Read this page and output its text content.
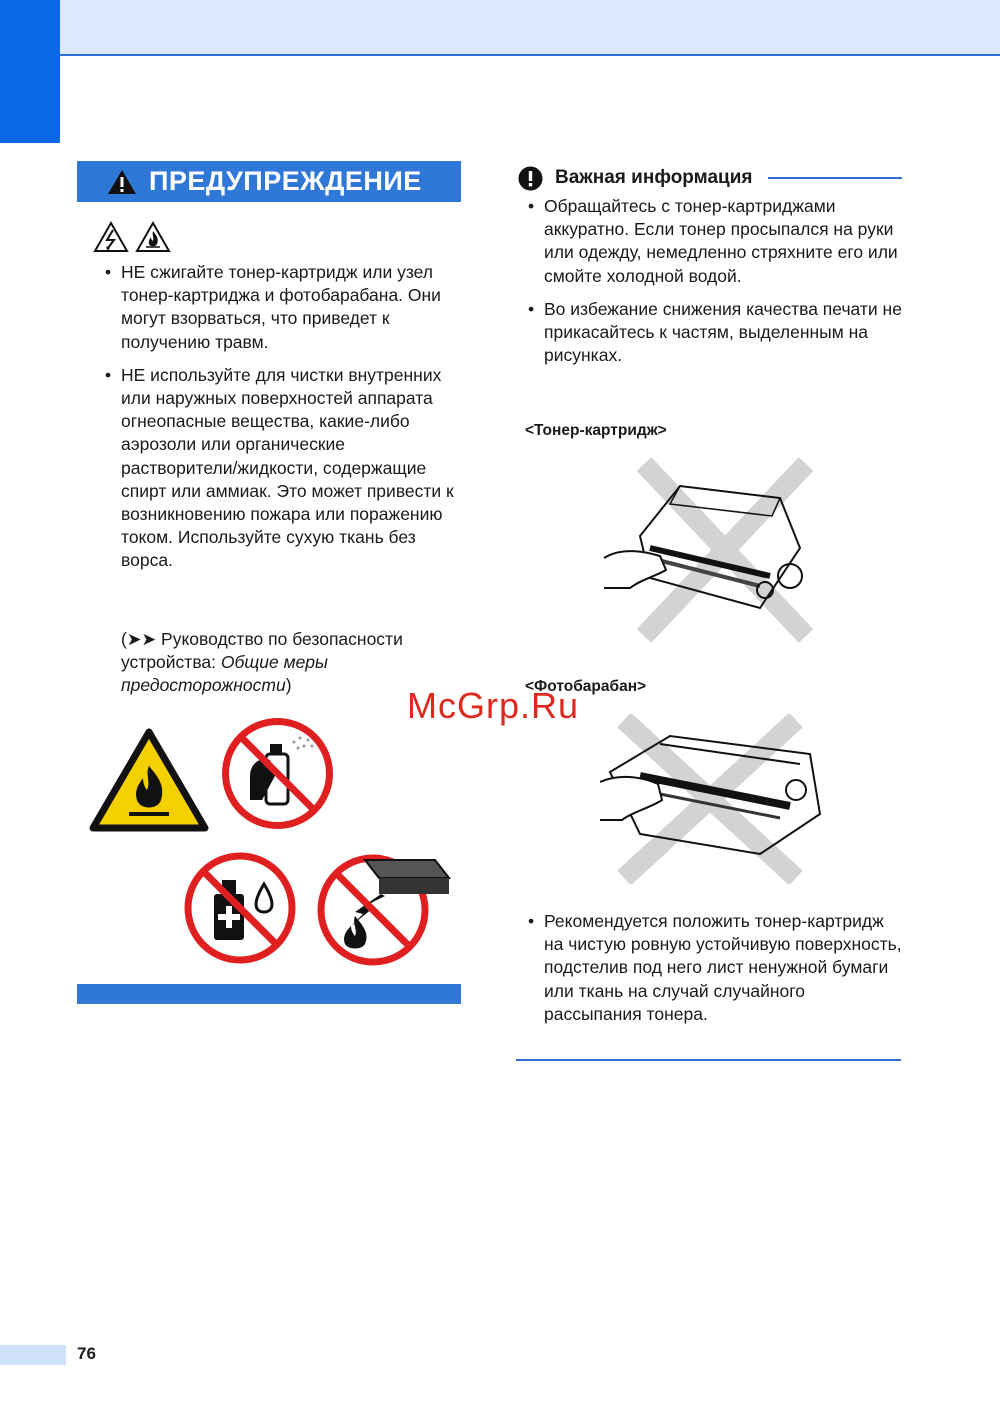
ПРЕДУПРЕЖДЕНИЕ
• НЕ сжигайте тонер-картридж или узел тонер-картриджа и фотобарабана. Они могут взорваться, что приведет к получению травм.
• НЕ используйте для чистки внутренних или наружных поверхностей аппарата огнеопасные вещества, какие-либо аэрозоли или органические растворители/жидкости, содержащие спирт или аммиак. Это может привести к возникновению пожара или поражению током. Используйте сухую ткань без ворса.
(➤➤ Руководство по безопасности устройства: Общие меры предосторожности)
Важная информация
• Обращайтесь с тонер-картриджами аккуратно. Если тонер просыпался на руки или одежду, немедленно стряхните его или смойте холодной водой.
• Во избежание снижения качества печати не прикасайтесь к частям, выделенным на рисунках.
<Тонер-картридж>
<Фотобарабан>
• Рекомендуется положить тонер-картридж на чистую ровную устойчивую поверхность, подстелив под него лист ненужной бумаги или ткань на случай случайного рассыпания тонера.
McGrp.Ru
76
